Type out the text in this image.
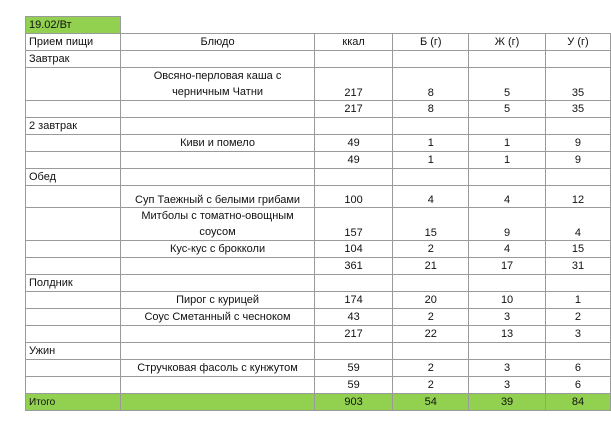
19.02/Вт					
Прием пищи	Блюдо	ккал	Б (г)	Ж (г)	У (г)
Завтрак					
	Овсяно-перловая каша с черничным Чатни	217	8	5	35
		217	8	5	35
2 завтрак					
	Киви и помело	49	1	1	9
		49	1	1	9
Обед					
	Суп Таежный с белыми грибами	100	4	4	12
	Митболы с томатно-овощным соусом	157	15	9	4
	Кус-кус с брокколи	104	2	4	15
		361	21	17	31
Полдник					
	Пирог с курицей	174	20	10	1
	Соус Сметанный с чесноком	43	2	3	2
		217	22	13	3
Ужин					
	Стручковая фасоль с кунжутом	59	2	3	6
		59	2	3	6
Итого		903	54	39	84
